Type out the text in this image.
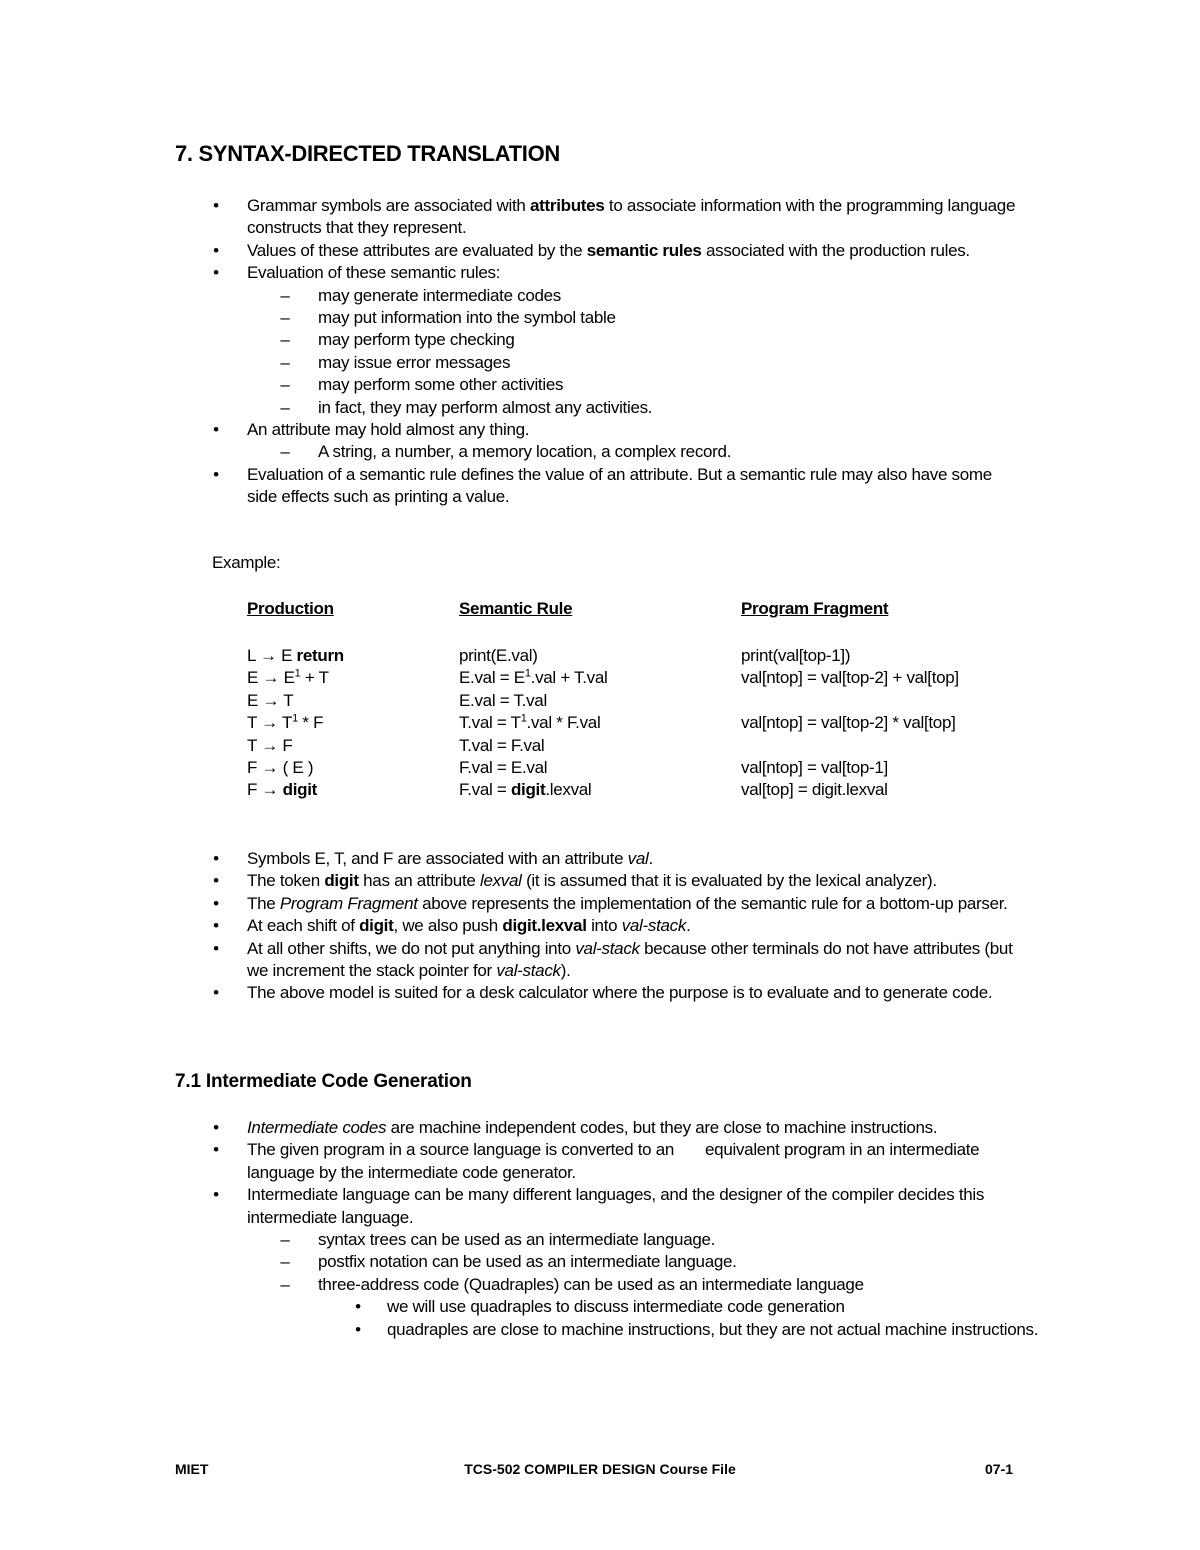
7. SYNTAX-DIRECTED TRANSLATION
• Grammar symbols are associated with attributes to associate information with the programming language constructs that they represent.
• Values of these attributes are evaluated by the semantic rules associated with the production rules.
• Evaluation of these semantic rules:
–	may generate intermediate codes
–	may put information into the symbol table
–	may perform type checking
–	may issue error messages
–	may perform some other activities
–	in fact, they may perform almost any activities.
• An attribute may hold almost any thing.
–	A string, a number, a memory location, a complex record.
• Evaluation of a semantic rule defines the value of an attribute. But a semantic rule may also have some side effects such as printing a value.
Example:
Production	Semantic Rule	Program Fragment
L → E return	print(E.val)	print(val[top-1])
$E \to E^1 + T$	$E.val = E^1.val + T.val$	val[ntop] = val[top-2] + val[top]
E → T	E.val = T.val
$T \to T^1 * F$	$T.val = T^1.val * F.val$	val[ntop] = val[top-2] * val[top]
T → F	T.val = F.val
F → ( E )	F.val = E.val	val[ntop] = val[top-1]
F → digit	F.val = digit.lexval	val[top] = digit.lexval
• Symbols E, T, and F are associated with an attribute val.
• The token digit has an attribute lexval (it is assumed that it is evaluated by the lexical analyzer).
• The Program Fragment above represents the implementation of the semantic rule for a bottom-up parser.
• At each shift of digit, we also push digit.lexval into val-stack.
• At all other shifts, we do not put anything into val-stack because other terminals do not have attributes (but we increment the stack pointer for val-stack).
• The above model is suited for a desk calculator where the purpose is to evaluate and to generate code.
7.1 Intermediate Code Generation
• Intermediate codes are machine independent codes, but they are close to machine instructions.
• The given program in a source language is converted to an       equivalent program in an intermediate language by the intermediate code generator.
• Intermediate language can be many different languages, and the designer of the compiler decides this intermediate language.
–	syntax trees can be used as an intermediate language.
–	postfix notation can be used as an intermediate language.
–	three-address code (Quadraples) can be used as an intermediate language
• we will use quadraples to discuss intermediate code generation
• quadraples are close to machine instructions, but they are not actual machine instructions.
MIET	TCS-502 COMPILER DESIGN Course File	07-1
